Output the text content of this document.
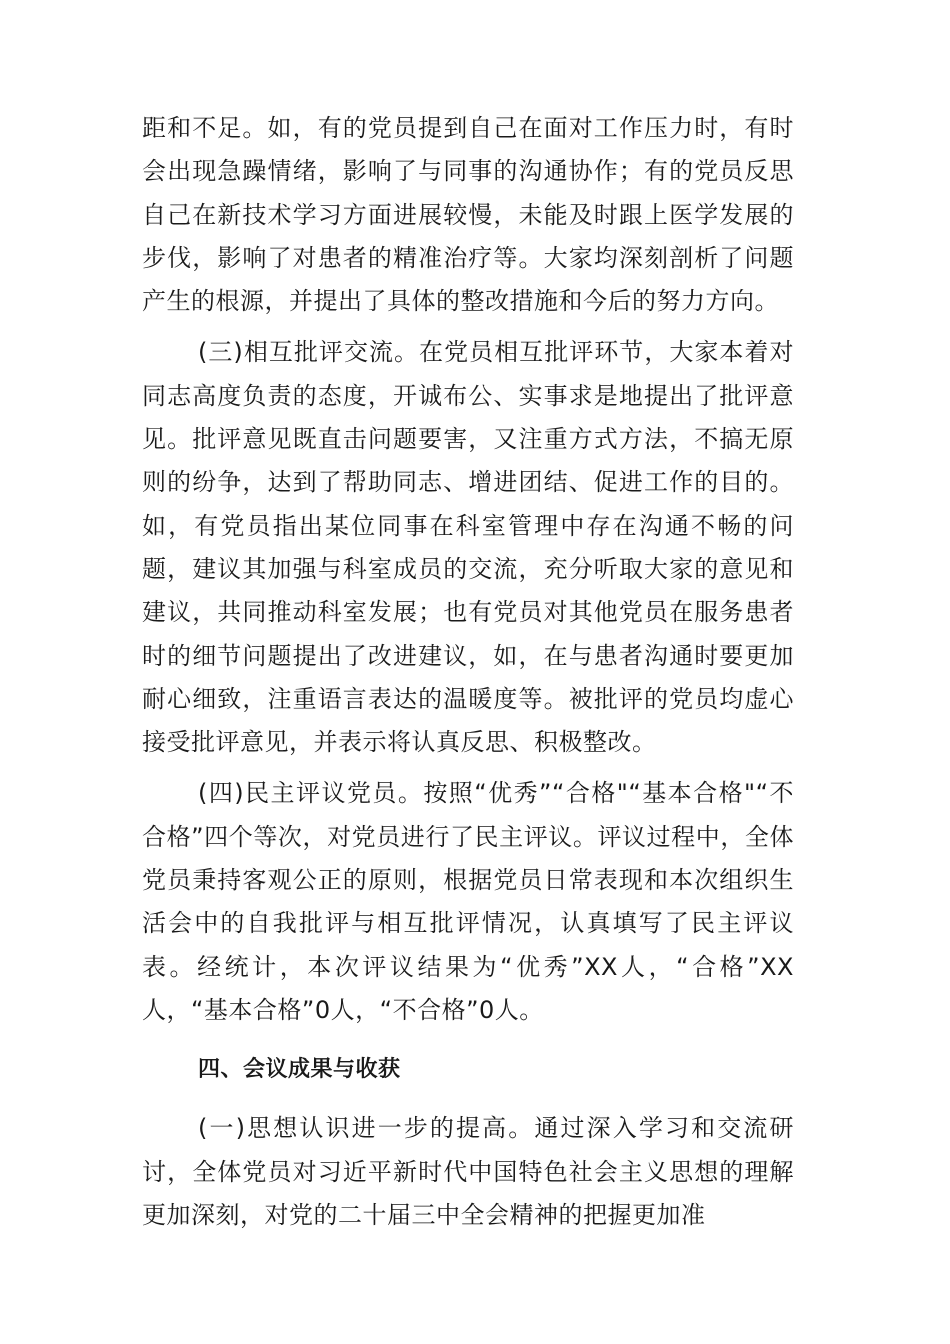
距和不足。如，有的党员提到自己在面对工作压力时，有时会出现急躁情绪，影响了与同事的沟通协作；有的党员反思自己在新技术学习方面进展较慢，未能及时跟上医学发展的步伐，影响了对患者的精准治疗等。大家均深刻剖析了问题产生的根源，并提出了具体的整改措施和今后的努力方向。

(三)相互批评交流。在党员相互批评环节，大家本着对同志高度负责的态度，开诚布公、实事求是地提出了批评意见。批评意见既直击问题要害，又注重方式方法，不搞无原则的纷争，达到了帮助同志、增进团结、促进工作的目的。如，有党员指出某位同事在科室管理中存在沟通不畅的问题，建议其加强与科室成员的交流，充分听取大家的意见和建议，共同推动科室发展；也有党员对其他党员在服务患者时的细节问题提出了改进建议，如，在与患者沟通时要更加耐心细致，注重语言表达的温暖度等。被批评的党员均虚心接受批评意见，并表示将认真反思、积极整改。

(四)民主评议党员。按照“优秀”“合格"“基本合格"“不合格”四个等次，对党员进行了民主评议。评议过程中，全体党员秉持客观公正的原则，根据党员日常表现和本次组织生活会中的自我批评与相互批评情况，认真填写了民主评议表。经统计，本次评议结果为“优秀”XX人，“合格”XX人，“基本合格”0人，“不合格”0人。

四、会议成果与收获

(一)思想认识进一步的提高。通过深入学习和交流研讨，全体党员对习近平新时代中国特色社会主义思想的理解更加深刻，对党的二十届三中全会精神的把握更加准
